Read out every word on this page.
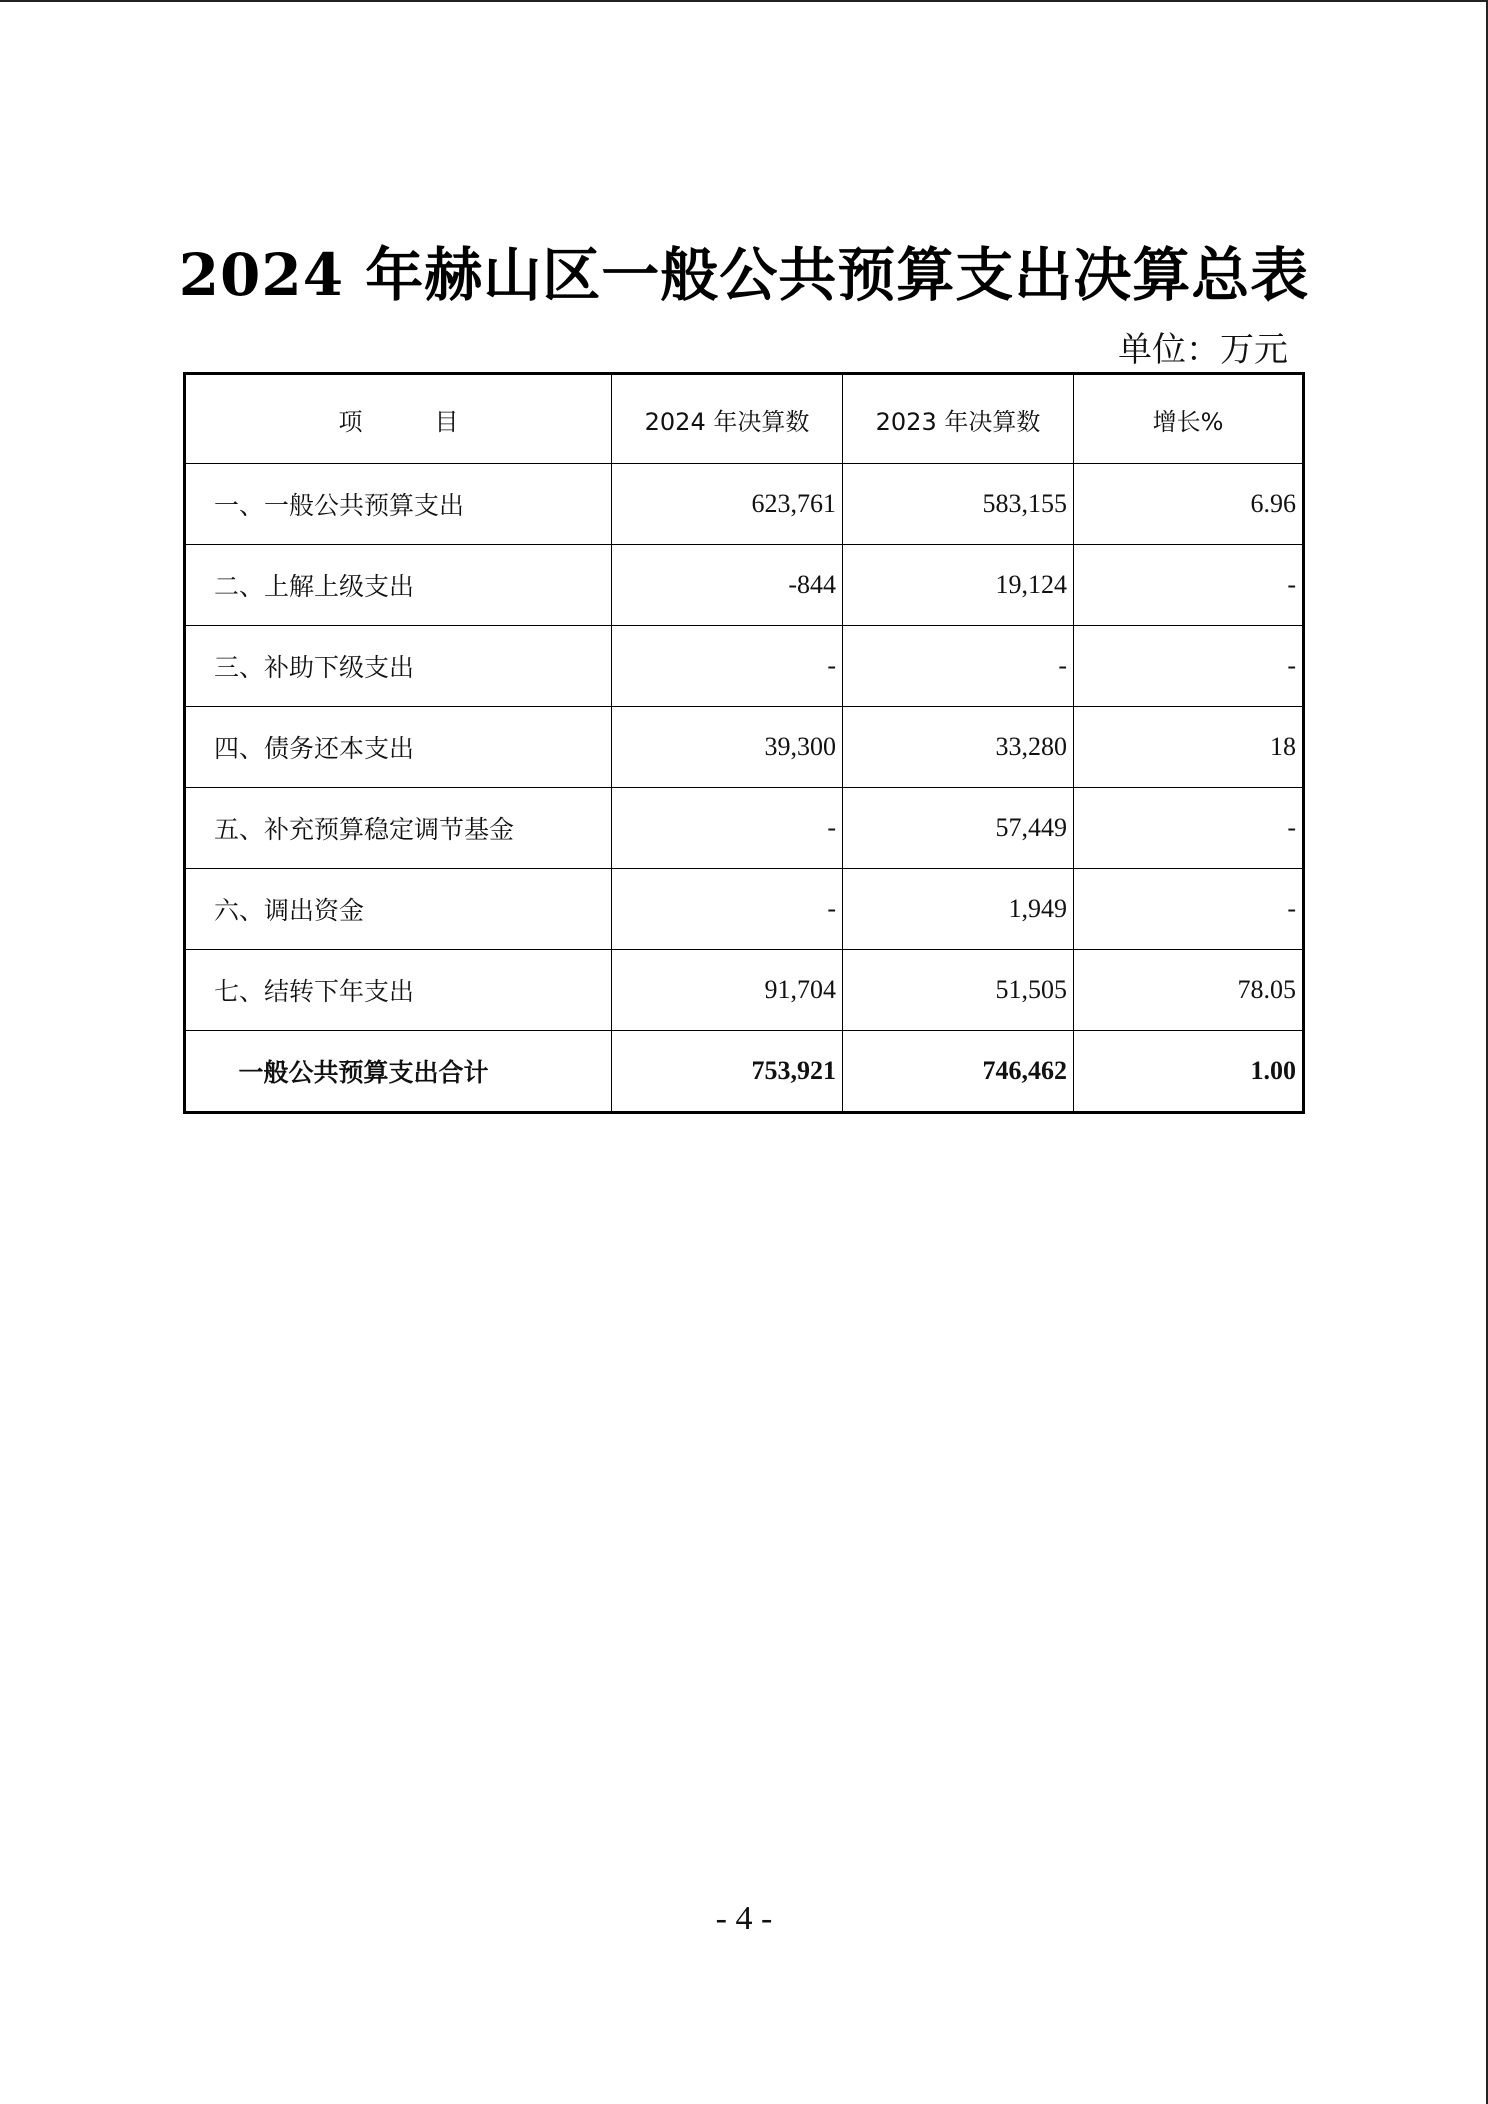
2024 年赫山区一般公共预算支出决算总表
单位：万元
项　　　目	2024 年决算数	2023 年决算数	增长%
一、一般公共预算支出	623,761	583,155	6.96
二、上解上级支出	-844	19,124	-
三、补助下级支出	-	-	-
四、债务还本支出	39,300	33,280	18
五、补充预算稳定调节基金	-	57,449	-
六、调出资金	-	1,949	-
七、结转下年支出	91,704	51,505	78.05
一般公共预算支出合计	753,921	746,462	1.00
- 4 -
